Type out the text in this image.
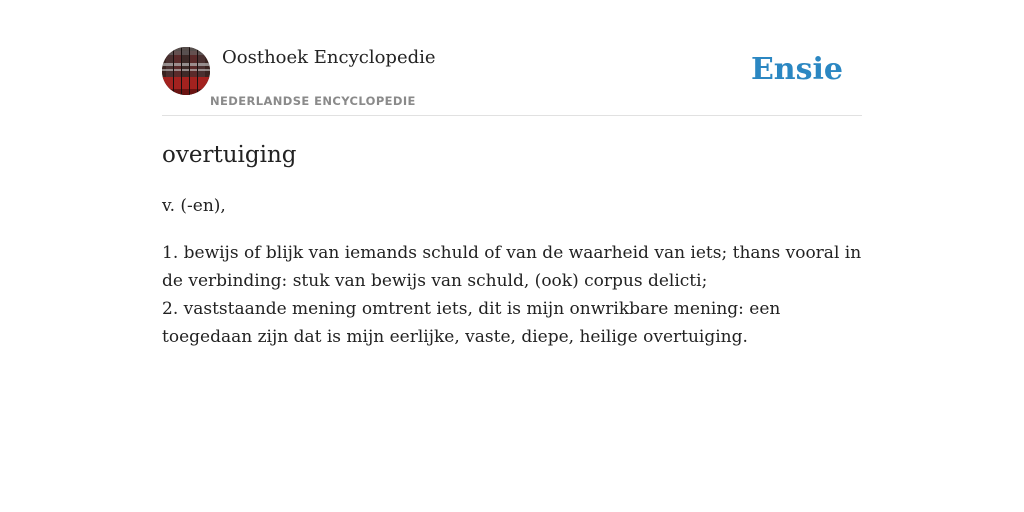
Oosthoek Encyclopedie
NEDERLANDSE ENCYCLOPEDIE
Ensie
overtuiging

v. (-en),

1. bewijs of blijk van iemands schuld of van de waarheid van iets; thans vooral in de verbinding: stuk van bewijs van schuld, (ook) corpus delicti;
2. vaststaande mening omtrent iets, dit is mijn onwrikbare mening: een toegedaan zijn dat is mijn eerlijke, vaste, diepe, heilige overtuiging.
